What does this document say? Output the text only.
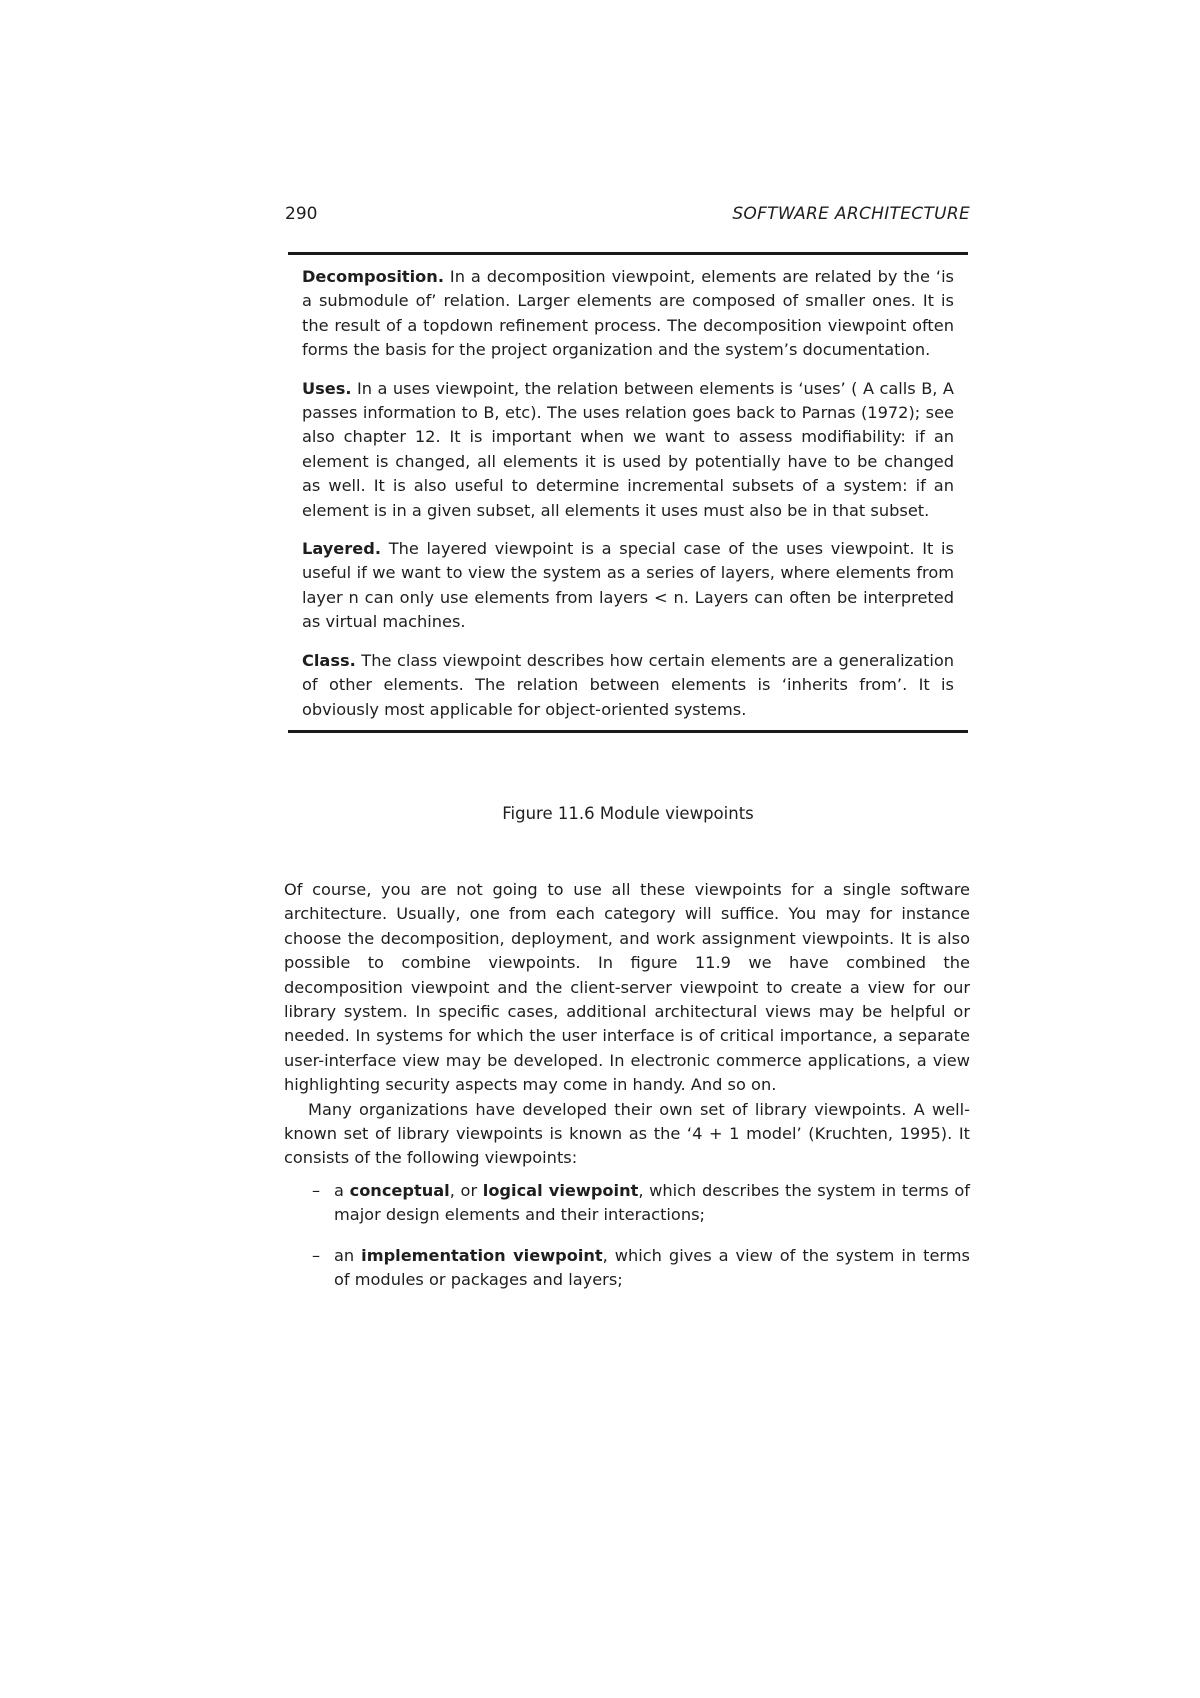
290	SOFTWARE ARCHITECTURE

Decomposition. In a decomposition viewpoint, elements are related by the ‘is a submodule of’ relation. Larger elements are composed of smaller ones. It is the result of a topdown refinement process. The decomposition viewpoint often forms the basis for the project organization and the system’s documentation.

Uses. In a uses viewpoint, the relation between elements is ‘uses’ ( A calls B, A passes information to B, etc). The uses relation goes back to Parnas (1972); see also chapter 12. It is important when we want to assess modifiability: if an element is changed, all elements it is used by potentially have to be changed as well. It is also useful to determine incremental subsets of a system: if an element is in a given subset, all elements it uses must also be in that subset.

Layered. The layered viewpoint is a special case of the uses viewpoint. It is useful if we want to view the system as a series of layers, where elements from layer n can only use elements from layers < n. Layers can often be interpreted as virtual machines.

Class. The class viewpoint describes how certain elements are a generalization of other elements. The relation between elements is ‘inherits from’. It is obviously most applicable for object-oriented systems.

Figure 11.6 Module viewpoints

Of course, you are not going to use all these viewpoints for a single software architecture. Usually, one from each category will suffice. You may for instance choose the decomposition, deployment, and work assignment viewpoints. It is also possible to combine viewpoints. In figure 11.9 we have combined the decomposition viewpoint and the client-server viewpoint to create a view for our library system. In specific cases, additional architectural views may be helpful or needed. In systems for which the user interface is of critical importance, a separate user-interface view may be developed. In electronic commerce applications, a view highlighting security aspects may come in handy. And so on.

Many organizations have developed their own set of library viewpoints. A well-known set of library viewpoints is known as the ‘4 + 1 model’ (Kruchten, 1995). It consists of the following viewpoints:

– a conceptual, or logical viewpoint, which describes the system in terms of major design elements and their interactions;
– an implementation viewpoint, which gives a view of the system in terms of modules or packages and layers;
